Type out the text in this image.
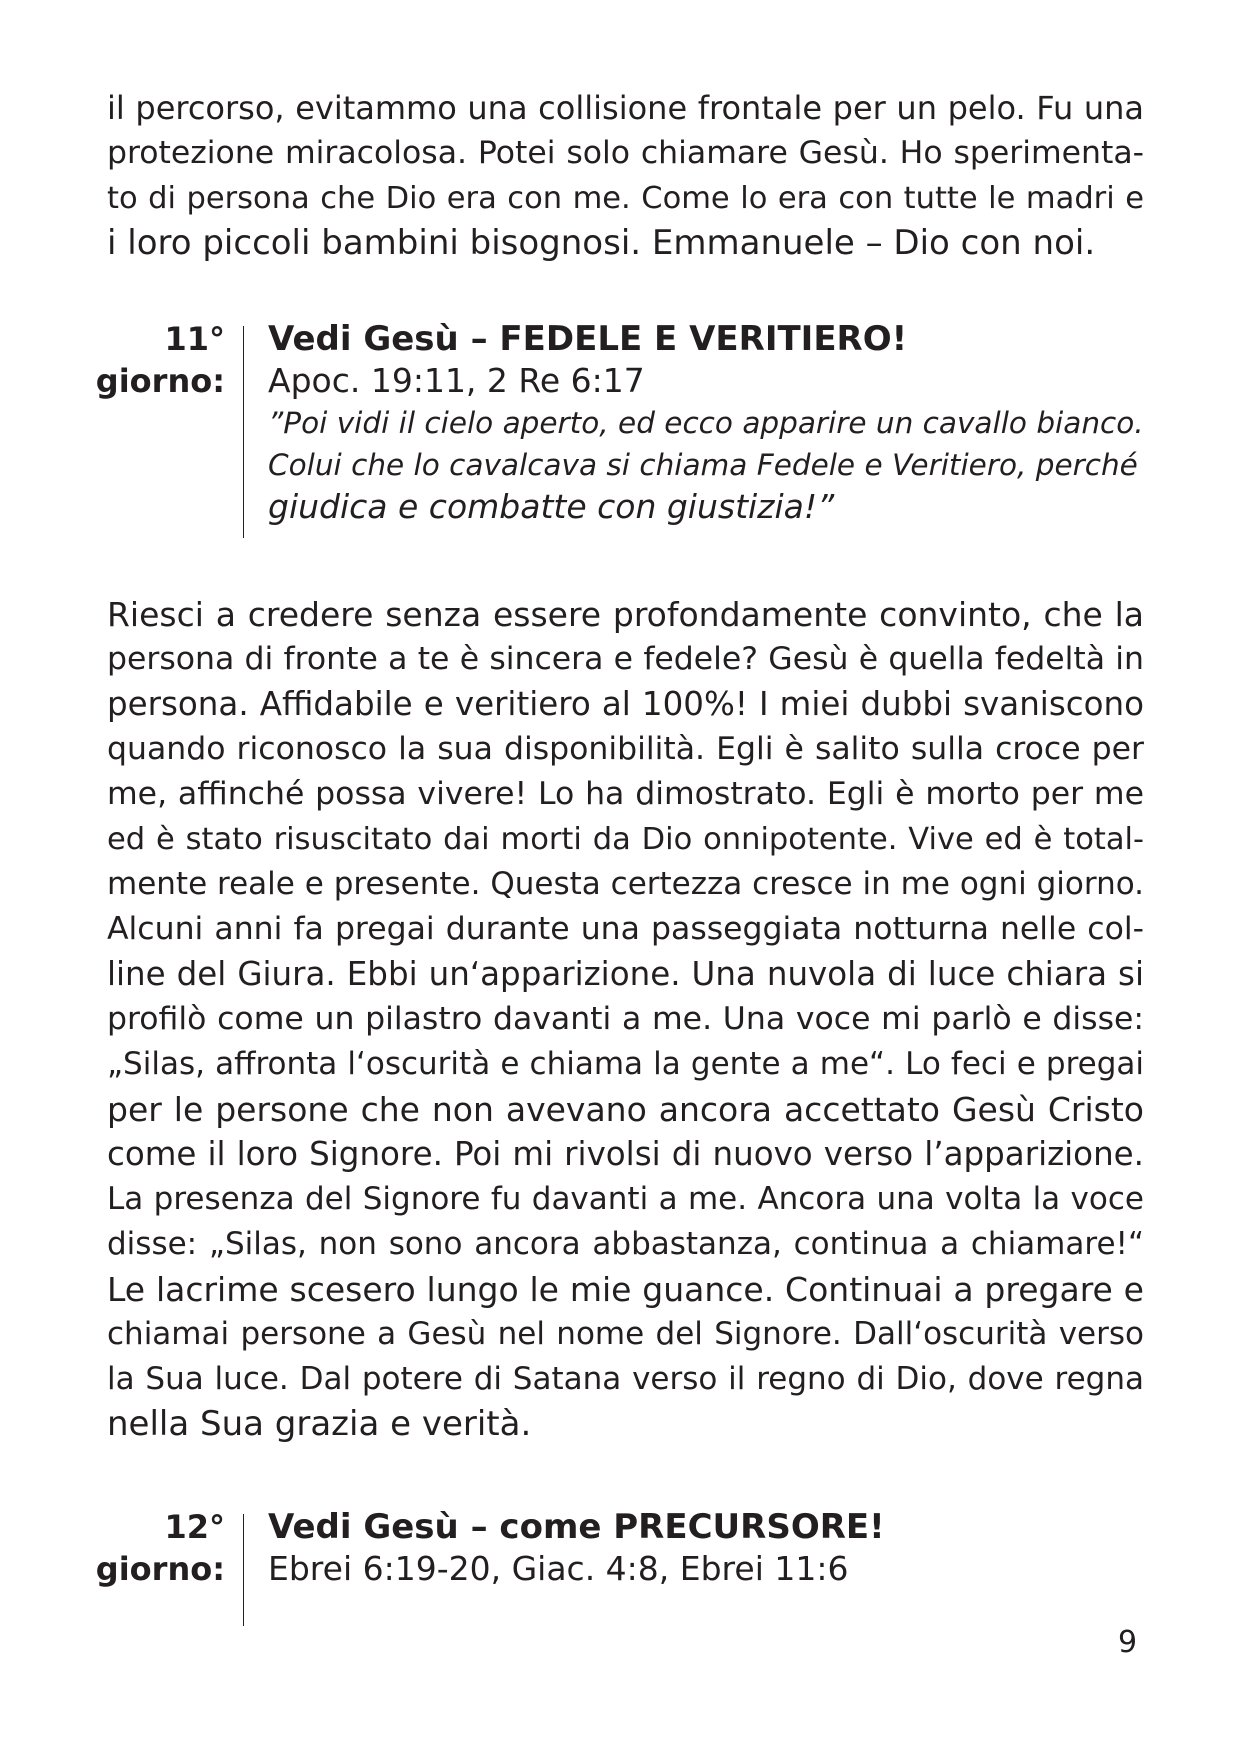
il percorso, evitammo una collisione frontale per un pelo. Fu una
protezione miracolosa. Potei solo chiamare Gesù. Ho sperimenta-
to di persona che Dio era con me. Come lo era con tutte le madri e
i loro piccoli bambini bisognosi. Emmanuele – Dio con noi.

11°
giorno:
Vedi Gesù – FEDELE E VERITIERO!
Apoc. 19:11, 2 Re 6:17
”Poi vidi il cielo aperto, ed ecco apparire un cavallo bianco.
Colui che lo cavalcava si chiama Fedele e Veritiero, perché
giudica e combatte con giustizia!”

Riesci a credere senza essere profondamente convinto, che la
persona di fronte a te è sincera e fedele? Gesù è quella fedeltà in
persona. Affidabile e veritiero al 100%! I miei dubbi svaniscono
quando riconosco la sua disponibilità. Egli è salito sulla croce per
me, affinché possa vivere! Lo ha dimostrato. Egli è morto per me
ed è stato risuscitato dai morti da Dio onnipotente. Vive ed è total-
mente reale e presente. Questa certezza cresce in me ogni giorno.
Alcuni anni fa pregai durante una passeggiata notturna nelle col-
line del Giura. Ebbi un‘apparizione. Una nuvola di luce chiara si
profilò come un pilastro davanti a me. Una voce mi parlò e disse:
„Silas, affronta l‘oscurità e chiama la gente a me“. Lo feci e pregai
per le persone che non avevano ancora accettato Gesù Cristo
come il loro Signore. Poi mi rivolsi di nuovo verso l’apparizione.
La presenza del Signore fu davanti a me. Ancora una volta la voce
disse: „Silas, non sono ancora abbastanza, continua a chiamare!“
Le lacrime scesero lungo le mie guance. Continuai a pregare e
chiamai persone a Gesù nel nome del Signore. Dall‘oscurità verso
la Sua luce. Dal potere di Satana verso il regno di Dio, dove regna
nella Sua grazia e verità.

12°
giorno:
Vedi Gesù – come PRECURSORE!
Ebrei 6:19-20, Giac. 4:8, Ebrei 11:6
9
